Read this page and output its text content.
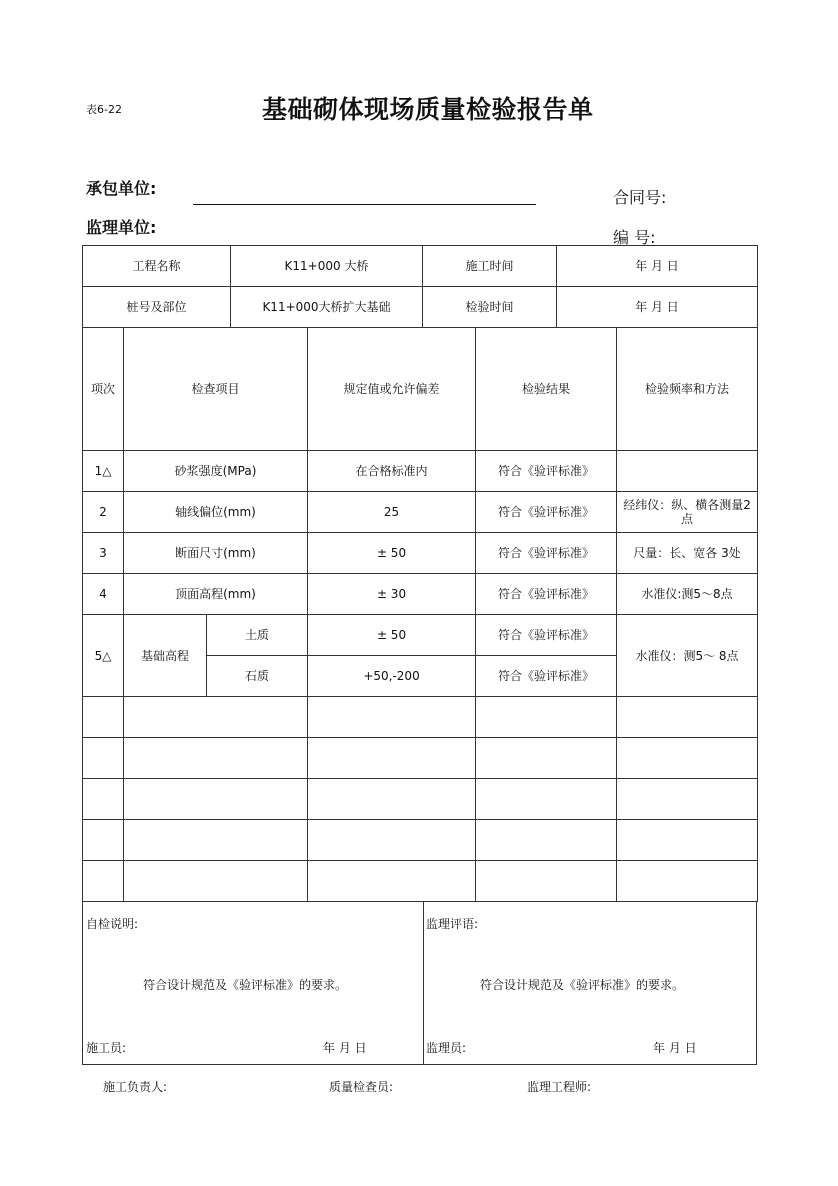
表6-22	基础砌体现场质量检验报告单
承包单位:
监理单位:
合同号:
编 号:
工程名称	K11+000 大桥	施工时间	年 月 日
桩号及部位	K11+000大桥扩大基础	检验时间	年 月 日
项次	检查项目		规定值或允许偏差	检验结果	检验频率和方法
1△	砂浆强度(MPa)		在合格标准内	符合《验评标准》	
2	轴线偏位(mm)		25	符合《验评标准》	经纬仪：纵、横各测量2点
3	断面尺寸(mm)		± 50	符合《验评标准》	尺量：长、宽各 3处
4	顶面高程(mm)		± 30	符合《验评标准》	水准仪:测5～8点
5△	基础高程	土质	± 50	符合《验评标准》	水准仪：测5～ 8点
		石质	+50,-200	符合《验评标准》	

自检说明:
符合设计规范及《验评标准》的要求。
施工员:	年 月 日
监理评语:
符合设计规范及《验评标准》的要求。
监理员:	年 月 日
施工负责人:	质量检查员:	监理工程师:
